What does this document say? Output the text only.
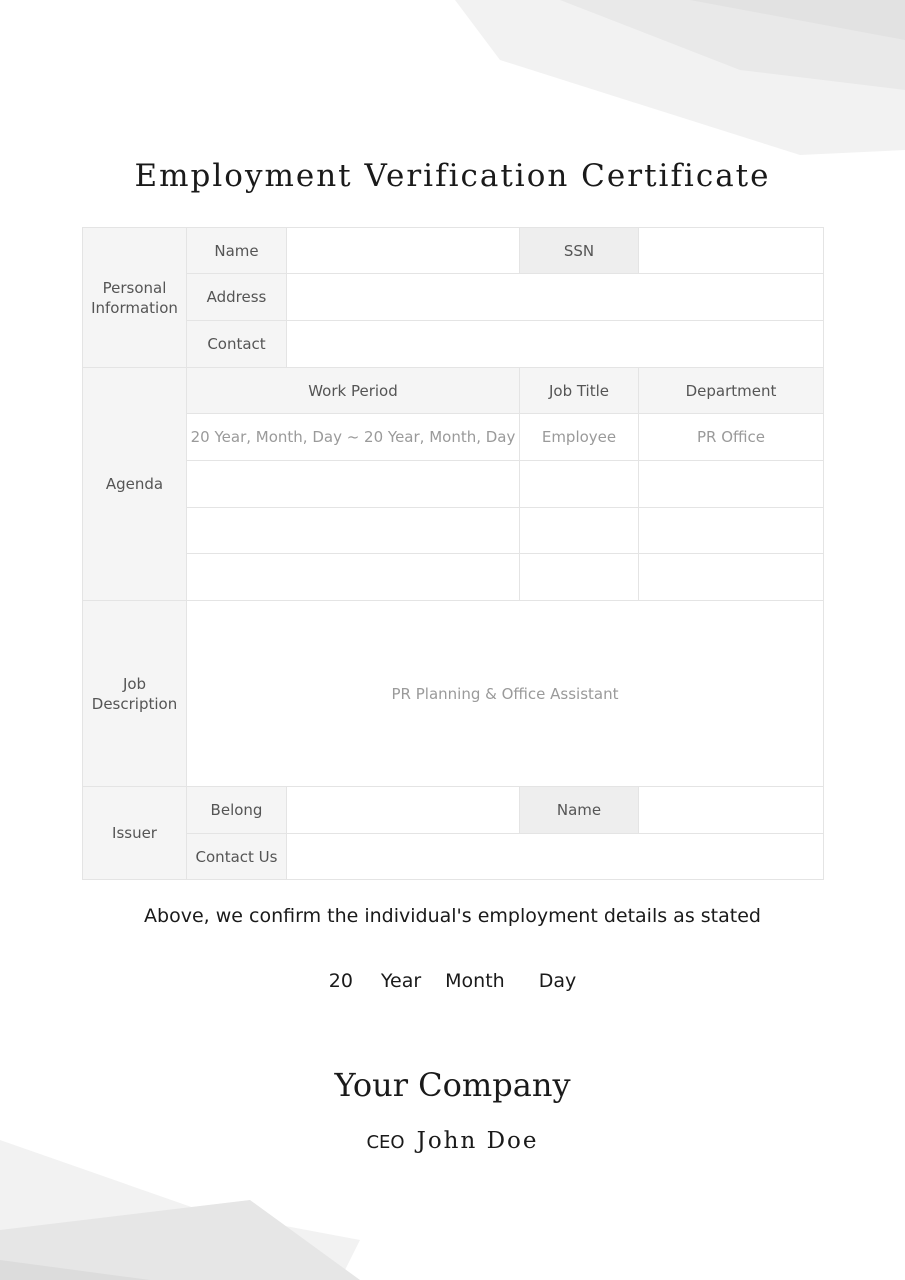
Employment Verification Certificate
Personal Information
Name	SSN
Address
Contact
Agenda
Work Period	Job Title	Department
20 Year, Month, Day ~ 20 Year, Month, Day	Employee	PR Office
Job Description
PR Planning & Office Assistant
Issuer
Belong	Name
Contact Us
Above, we confirm the individual's employment details as stated
20 Year Month Day
Your Company
CEO John Doe
